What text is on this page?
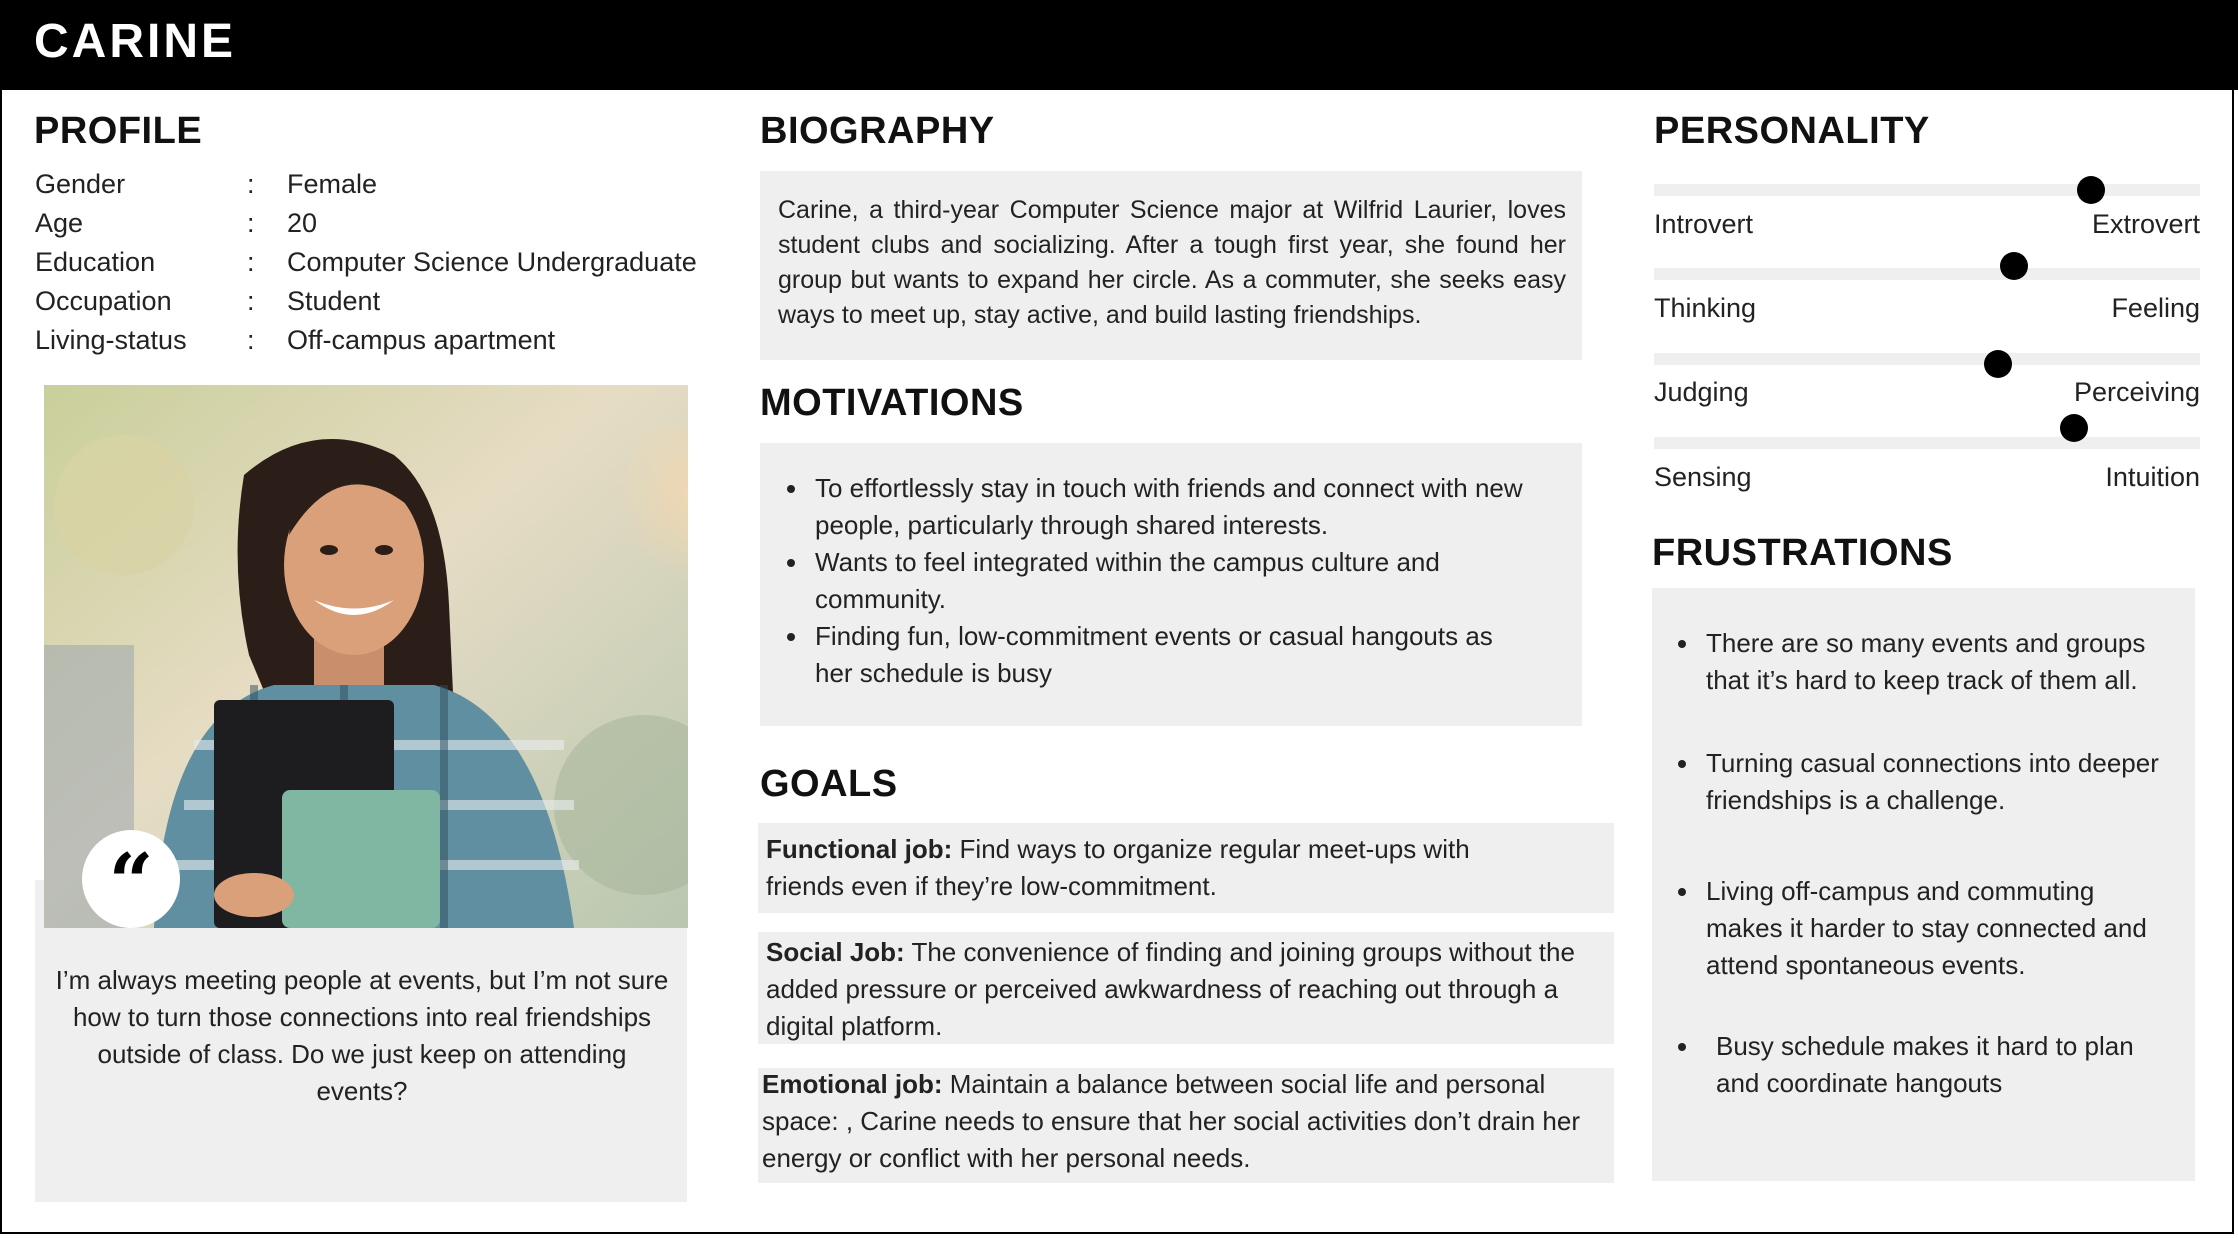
CARINE
PROFILE
Gender	: Female
Age	: 20
Education	: Computer Science Undergraduate
Occupation	: Student
Living-status : Off-campus apartment
“
I’m always meeting people at events, but I’m not sure how to turn those connections into real friendships outside of class. Do we just keep on attending events?
BIOGRAPHY
Carine, a third-year Computer Science major at Wilfrid Laurier, loves student clubs and socializing. After a tough first year, she found her group but wants to expand her circle. As a commuter, she seeks easy ways to meet up, stay active, and build lasting friendships.
MOTIVATIONS
To effortlessly stay in touch with friends and connect with new people, particularly through shared interests.
Wants to feel integrated within the campus culture and community.
Finding fun, low-commitment events or casual hangouts as her schedule is busy
GOALS
Functional job: Find ways to organize regular meet-ups with friends even if they’re low-commitment.
Social Job: The convenience of finding and joining groups without the added pressure or perceived awkwardness of reaching out through a digital platform.
Emotional job: Maintain a balance between social life and personal space: , Carine needs to ensure that her social activities don’t drain her energy or conflict with her personal needs.
PERSONALITY
Introvert	Extrovert
Thinking	Feeling
Judging	Perceiving
Sensing	Intuition
FRUSTRATIONS
There are so many events and groups that it’s hard to keep track of them all.
Turning casual connections into deeper friendships is a challenge.
Living off-campus and commuting makes it harder to stay connected and attend spontaneous events.
Busy schedule makes it hard to plan and coordinate hangouts
